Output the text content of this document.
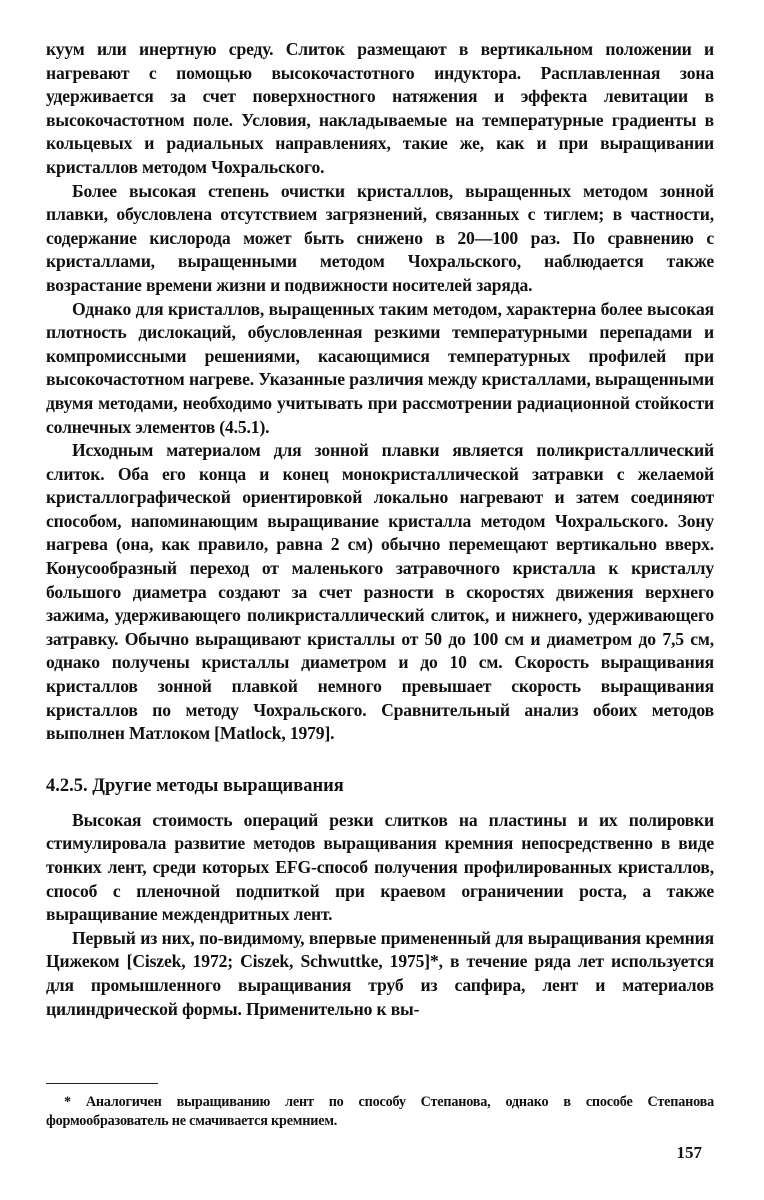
куум или инертную среду. Слиток размещают в вертикальном положении и нагревают с помощью высокочастотного индуктора. Расплавленная зона удерживается за счет поверхностного натяжения и эффекта левитации в высокочастотном поле. Условия, накладываемые на температурные градиенты в кольцевых и радиальных направлениях, такие же, как и при выращивании кристаллов методом Чохральского.

Более высокая степень очистки кристаллов, выращенных методом зонной плавки, обусловлена отсутствием загрязнений, связанных с тиглем; в частности, содержание кислорода может быть снижено в 20—100 раз. По сравнению с кристаллами, выращенными методом Чохральского, наблюдается также возрастание времени жизни и подвижности носителей заряда.

Однако для кристаллов, выращенных таким методом, характерна более высокая плотность дислокаций, обусловленная резкими температурными перепадами и компромиссными решениями, касающимися температурных профилей при высокочастотном нагреве. Указанные различия между кристаллами, выращенными двумя методами, необходимо учитывать при рассмотрении радиационной стойкости солнечных элементов (4.5.1).

Исходным материалом для зонной плавки является поликристаллический слиток. Оба его конца и конец монокристаллической затравки с желаемой кристаллографической ориентировкой локально нагревают и затем соединяют способом, напоминающим выращивание кристалла методом Чохральского. Зону нагрева (она, как правило, равна 2 см) обычно перемещают вертикально вверх. Конусообразный переход от маленького затравочного кристалла к кристаллу большого диаметра создают за счет разности в скоростях движения верхнего зажима, удерживающего поликристаллический слиток, и нижнего, удерживающего затравку. Обычно выращивают кристаллы от 50 до 100 см и диаметром до 7,5 см, однако получены кристаллы диаметром и до 10 см. Скорость выращивания кристаллов зонной плавкой немного превышает скорость выращивания кристаллов по методу Чохральского. Сравнительный анализ обоих методов выполнен Матлоком [Matlock, 1979].

4.2.5. Другие методы выращивания

Высокая стоимость операций резки слитков на пластины и их полировки стимулировала развитие методов выращивания кремния непосредственно в виде тонких лент, среди которых EFG-способ получения профилированных кристаллов, способ с пленочной подпиткой при краевом ограничении роста, а также выращивание междендритных лент.

Первый из них, по-видимому, впервые примененный для выращивания кремния Цижеком [Ciszek, 1972; Ciszek, Schwuttke, 1975]*, в течение ряда лет используется для промышленного выращивания труб из сапфира, лент и материалов цилиндрической формы. Применительно к вы-

* Аналогичен выращиванию лент по способу Степанова, однако в способе Степанова формообразователь не смачивается кремнием.
157
